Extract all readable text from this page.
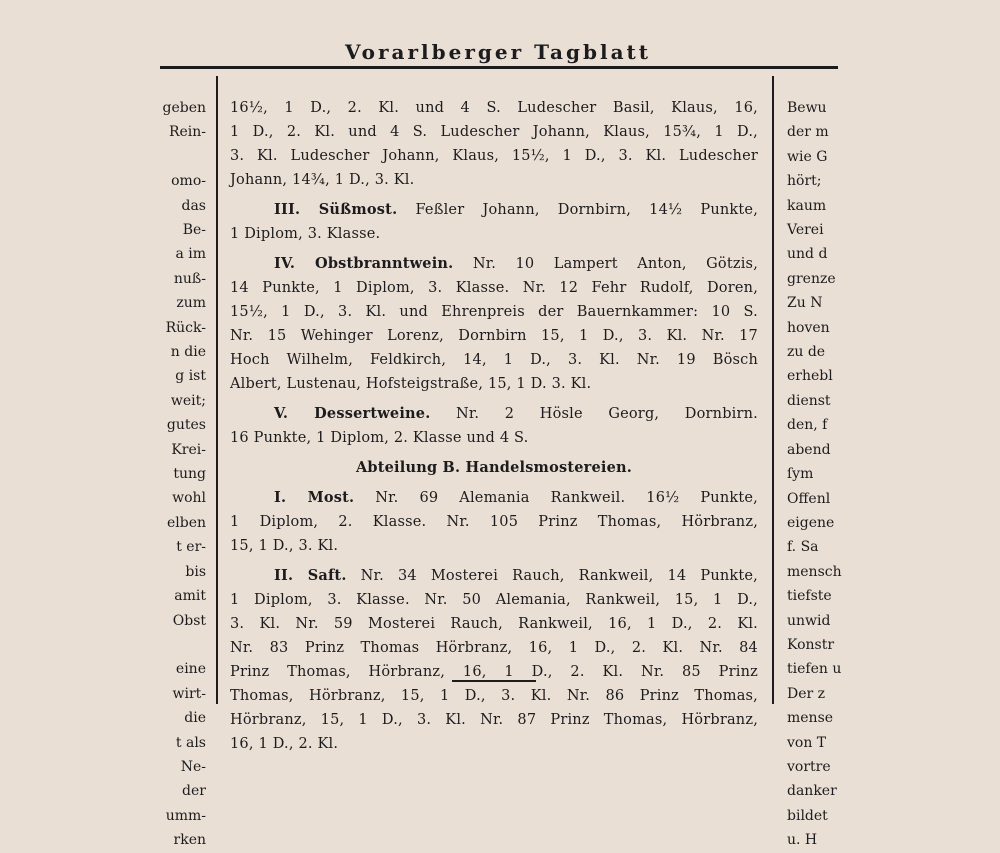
Vorarlberger Tagblatt
geben
Rein-
omo-
das
Be-
a im
nuß-
zum
Rück-
n die
g ist
weit;
gutes
Krei-
tung
wohl
elben
t er-
bis
amit
Obst
eine
wirt-
die
t als
Ne-
der
umm-
rken
Bewu
der m
wie G
hört;
kaum
Verei
und d
grenze
Zu N
hoven
zu de
erhebl
dienst
den, f
abend
ſym
Offenl
eigene
f. Sa
mensch
tiefste
unwid
Konstr
tiefen u
Der z
mense
von T
vortre
danker
bildet
u. H
16½, 1 D., 2. Kl. und 4 S. Ludescher Basil, Klaus, 16,
1 D., 2. Kl. und 4 S. Ludescher Johann, Klaus, 15¾, 1 D.,
3. Kl. Ludescher Johann, Klaus, 15½, 1 D., 3. Kl. Ludescher
Johann, 14¾, 1 D., 3. Kl.
III. Süßmost. Feßler Johann, Dornbirn, 14½ Punkte,
1 Diplom, 3. Klasse.
IV. Obstbranntwein. Nr. 10 Lampert Anton, Götzis,
14 Punkte, 1 Diplom, 3. Klasse. Nr. 12 Fehr Rudolf, Doren,
15½, 1 D., 3. Kl. und Ehrenpreis der Bauernkammer: 10 S.
Nr. 15 Wehinger Lorenz, Dornbirn 15, 1 D., 3. Kl. Nr. 17
Hoch Wilhelm, Feldkirch, 14, 1 D., 3. Kl. Nr. 19 Bösch
Albert, Lustenau, Hofsteigstraße, 15, 1 D. 3. Kl.
V. Dessertweine. Nr. 2 Hösle Georg, Dornbirn.
16 Punkte, 1 Diplom, 2. Klasse und 4 S.
Abteilung B. Handelsmostereien.
I. Most. Nr. 69 Alemania Rankweil. 16½ Punkte,
1 Diplom, 2. Klasse. Nr. 105 Prinz Thomas, Hörbranz,
15, 1 D., 3. Kl.
II. Saft. Nr. 34 Mosterei Rauch, Rankweil, 14 Punkte,
1 Diplom, 3. Klasse. Nr. 50 Alemania, Rankweil, 15, 1 D.,
3. Kl. Nr. 59 Mosterei Rauch, Rankweil, 16, 1 D., 2. Kl.
Nr. 83 Prinz Thomas Hörbranz, 16, 1 D., 2. Kl. Nr. 84
Prinz Thomas, Hörbranz, 16, 1 D., 2. Kl. Nr. 85 Prinz
Thomas, Hörbranz, 15, 1 D., 3. Kl. Nr. 86 Prinz Thomas,
Hörbranz, 15, 1 D., 3. Kl. Nr. 87 Prinz Thomas, Hörbranz,
16, 1 D., 2. Kl.
